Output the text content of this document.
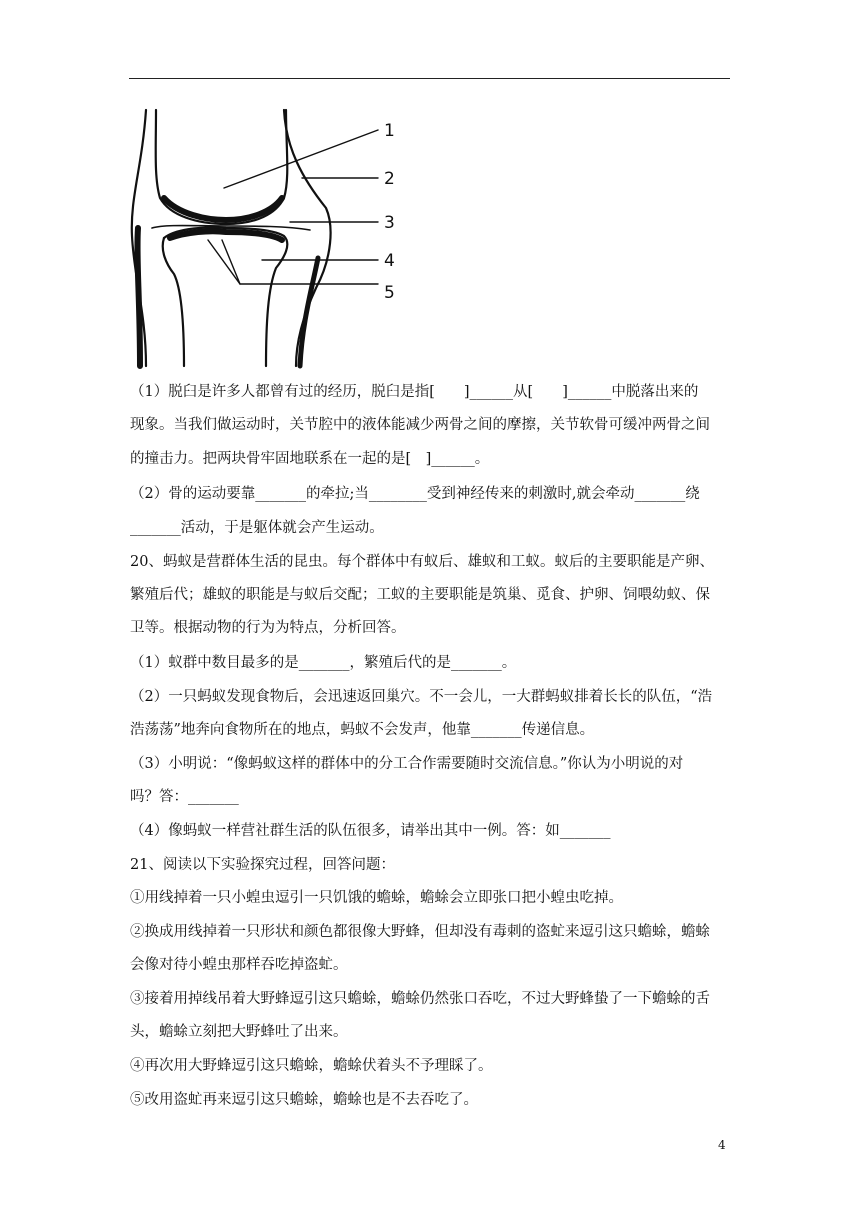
1
2
3
4
5
（1）脱臼是许多人都曾有过的经历，脱臼是指[　　]______从[　　]______中脱落出来的
现象。当我们做运动时，关节腔中的液体能减少两骨之间的摩擦，关节软骨可缓冲两骨之间
的撞击力。把两块骨牢固地联系在一起的是[　]______。
（2）骨的运动要靠_______的牵拉;当________受到神经传来的刺激时,就会牵动_______绕
_______活动，于是躯体就会产生运动。
20、蚂蚁是营群体生活的昆虫。每个群体中有蚁后、雄蚁和工蚁。蚁后的主要职能是产卵、
繁殖后代；雄蚁的职能是与蚁后交配；工蚁的主要职能是筑巢、觅食、护卵、饲喂幼蚁、保
卫等。根据动物的行为为特点，分析回答。
（1）蚁群中数目最多的是_______，繁殖后代的是_______。
（2）一只蚂蚁发现食物后，会迅速返回巢穴。不一会儿，一大群蚂蚁排着长长的队伍，“浩
浩荡荡”地奔向食物所在的地点，蚂蚁不会发声，他靠_______传递信息。
（3）小明说：“像蚂蚁这样的群体中的分工合作需要随时交流信息。”你认为小明说的对
吗？答：_______
（4）像蚂蚁一样营社群生活的队伍很多，请举出其中一例。答：如_______
21、阅读以下实验探究过程，回答问题：
①用线掉着一只小蝗虫逗引一只饥饿的蟾蜍，蟾蜍会立即张口把小蝗虫吃掉。
②换成用线掉着一只形状和颜色都很像大野蜂，但却没有毒刺的盗虻来逗引这只蟾蜍，蟾蜍
会像对待小蝗虫那样吞吃掉盗虻。
③接着用掉线吊着大野蜂逗引这只蟾蜍，蟾蜍仍然张口吞吃，不过大野蜂蛰了一下蟾蜍的舌
头，蟾蜍立刻把大野蜂吐了出来。
④再次用大野蜂逗引这只蟾蜍，蟾蜍伏着头不予理睬了。
⑤改用盗虻再来逗引这只蟾蜍，蟾蜍也是不去吞吃了。
4
